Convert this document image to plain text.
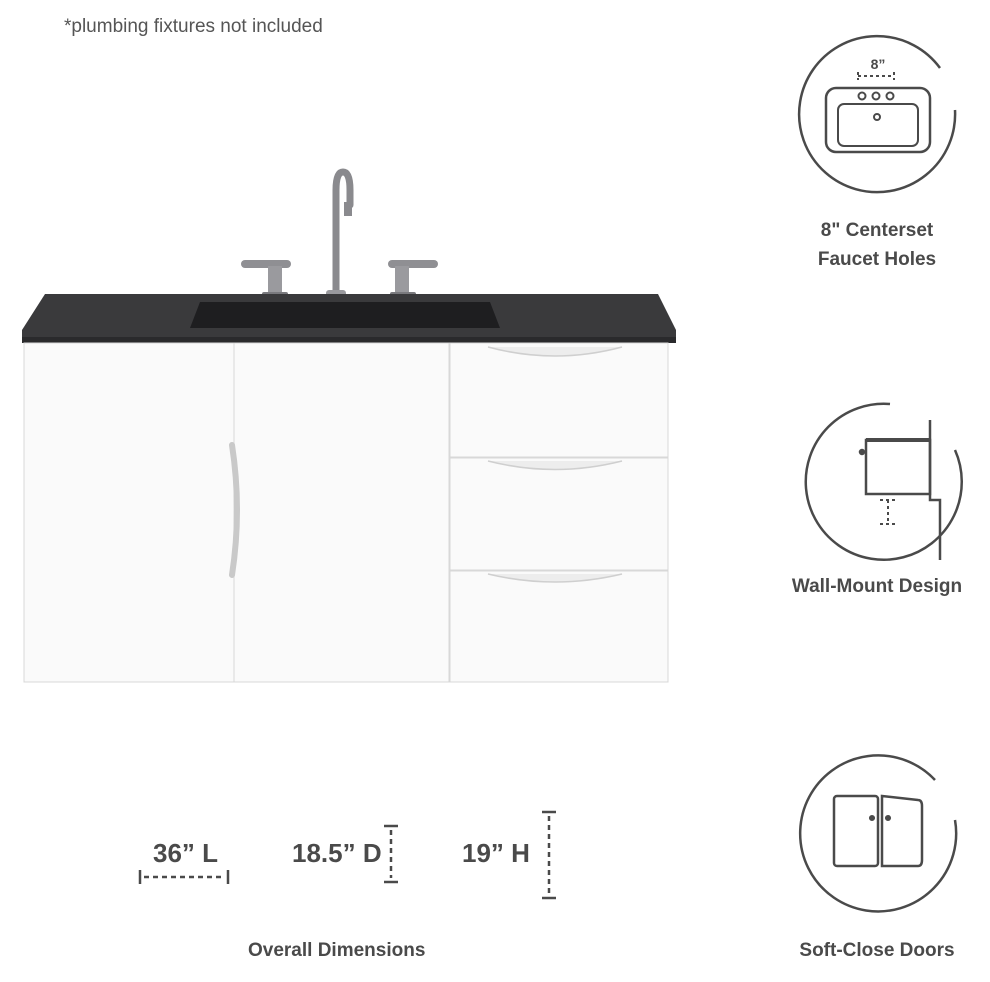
*plumbing fixtures not included
8”
8" Centerset
Faucet Holes
Wall-Mount Design
Soft-Close Doors
36” L	18.5” D	19” H
Overall Dimensions
